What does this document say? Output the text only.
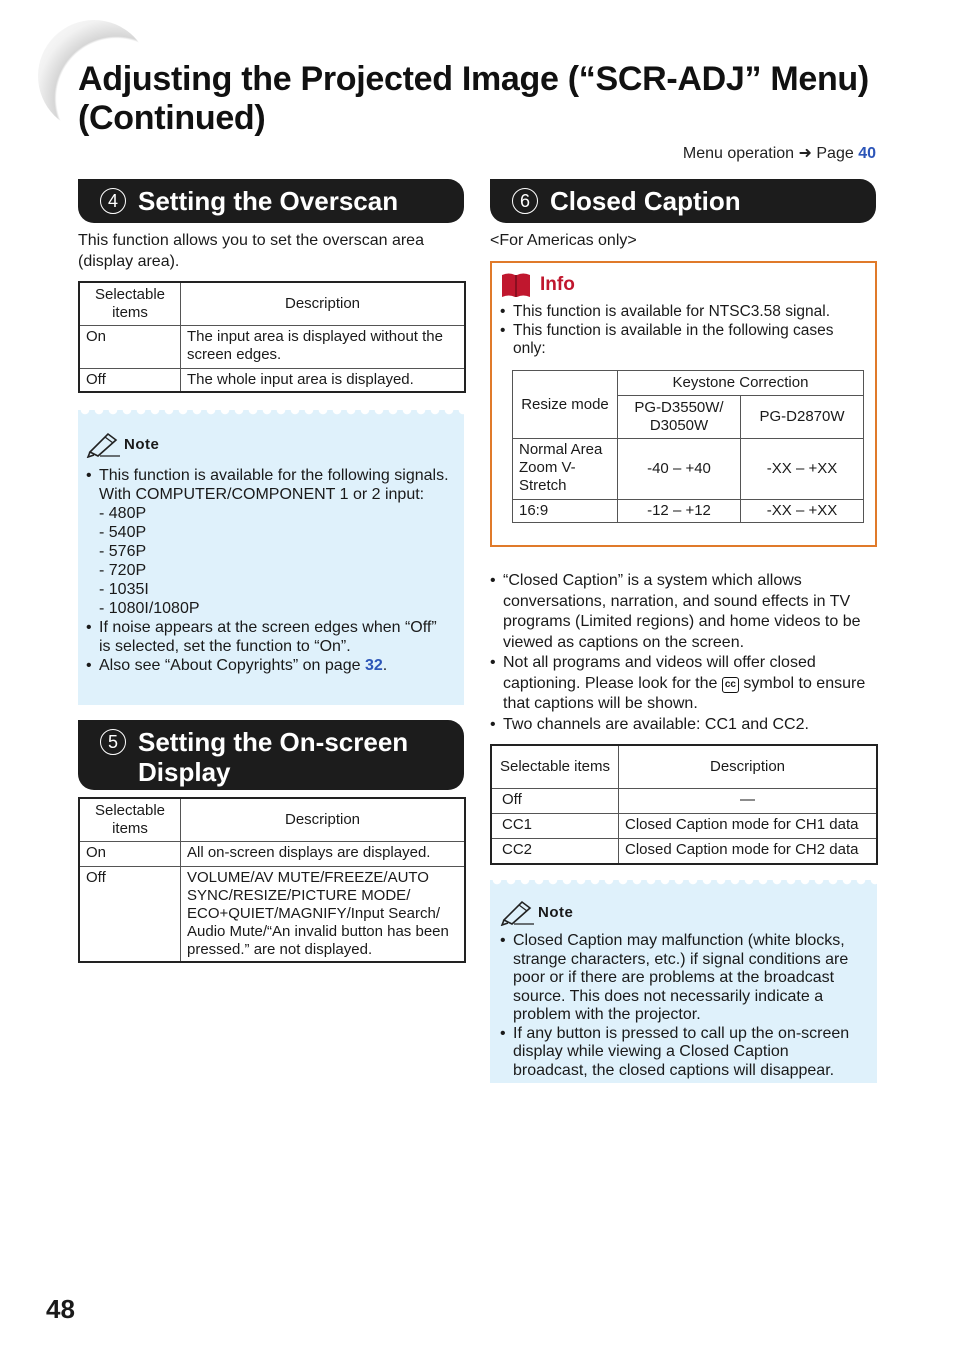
Adjusting the Projected Image (“SCR-ADJ” Menu)
(Continued)
Menu operation ➜ Page 40
4 Setting the Overscan

This function allows you to set the overscan area (display area).

Selectable items	Description
On	The input area is displayed without the screen edges.
Off	The whole input area is displayed.
Note
• This function is available for the following signals.
With COMPUTER/COMPONENT 1 or 2 input:
- 480P
- 540P
- 576P
- 720P
- 1035I
- 1080I/1080P
• If noise appears at the screen edges when “Off” is selected, set the function to “On”.
• Also see “About Copyrights” on page 32.
5 Setting the On-screen
Display
Selectable items	Description
On	All on-screen displays are displayed.
Off	VOLUME/AV MUTE/FREEZE/AUTO SYNC/RESIZE/PICTURE MODE/ ECO+QUIET/MAGNIFY/Input Search/ Audio Mute/“An invalid button has been pressed.” are not displayed.
6 Closed Caption

<For Americas only>

Info
• This function is available for NTSC3.58 signal.
• This function is available in the following cases only:
Resize mode	Keystone Correction	
	PG-D3550W/ D3050W	PG-D2870W
Normal Area Zoom V-Stretch	-40 – +40	-XX – +XX
16:9	-12 – +12	-XX – +XX
• “Closed Caption” is a system which allows conversations, narration, and sound effects in TV programs (Limited regions) and home videos to be viewed as captions on the screen.
• Not all programs and videos will offer closed captioning. Please look for the cc symbol to ensure that captions will be shown.
• Two channels are available: CC1 and CC2.
Selectable items	Description
Off	—
CC1	Closed Caption mode for CH1 data
CC2	Closed Caption mode for CH2 data
Note
• Closed Caption may malfunction (white blocks, strange characters, etc.) if signal conditions are poor or if there are problems at the broadcast source. This does not necessarily indicate a problem with the projector.
• If any button is pressed to call up the on-screen display while viewing a Closed Caption broadcast, the closed captions will disappear.
48
